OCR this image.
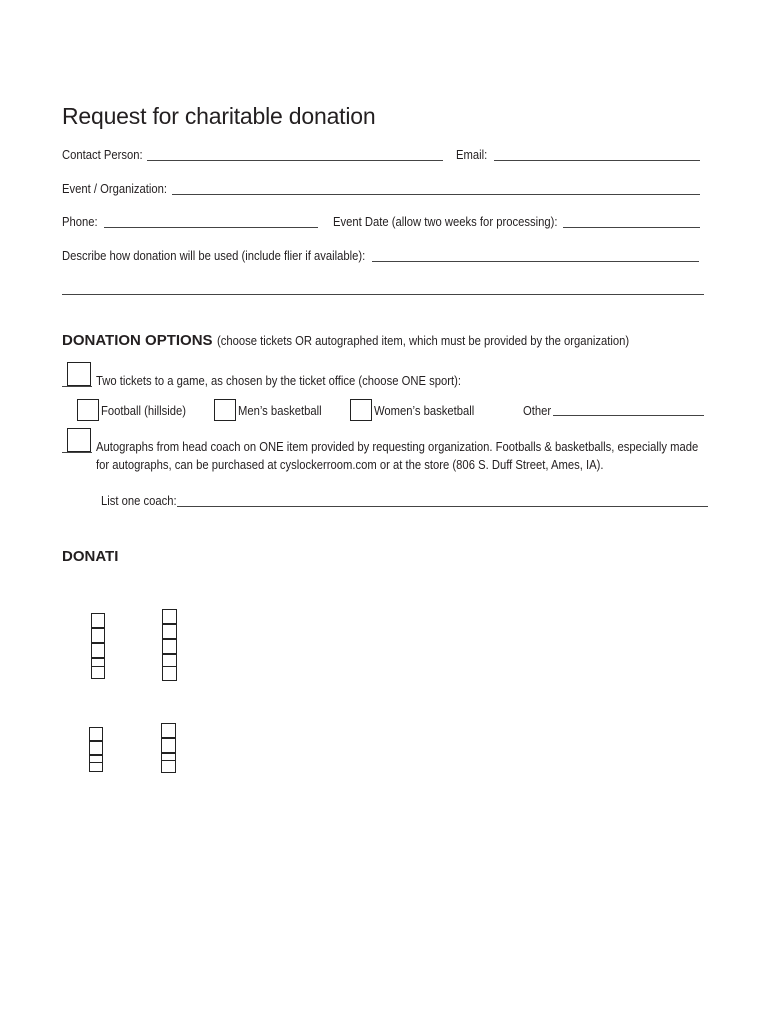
Request for charitable donation
Contact Person:	Email:
Event / Organization:
Phone:	Event Date (allow two weeks for processing):
Describe how donation will be used (include flier if available):
DONATION OPTIONS (choose tickets OR autographed item, which must be provided by the organization)
Two tickets to a game, as chosen by the ticket office (choose ONE sport):
Football (hillside)	Men’s basketball	Women’s basketball	Other
Autographs from head coach on ONE item provided by requesting organization. Footballs & basketballs, especially made
for autographs, can be purchased at cyslockerroom.com or at the store (806 S. Duff Street, Ames, IA).
List one coach:
DONATI
